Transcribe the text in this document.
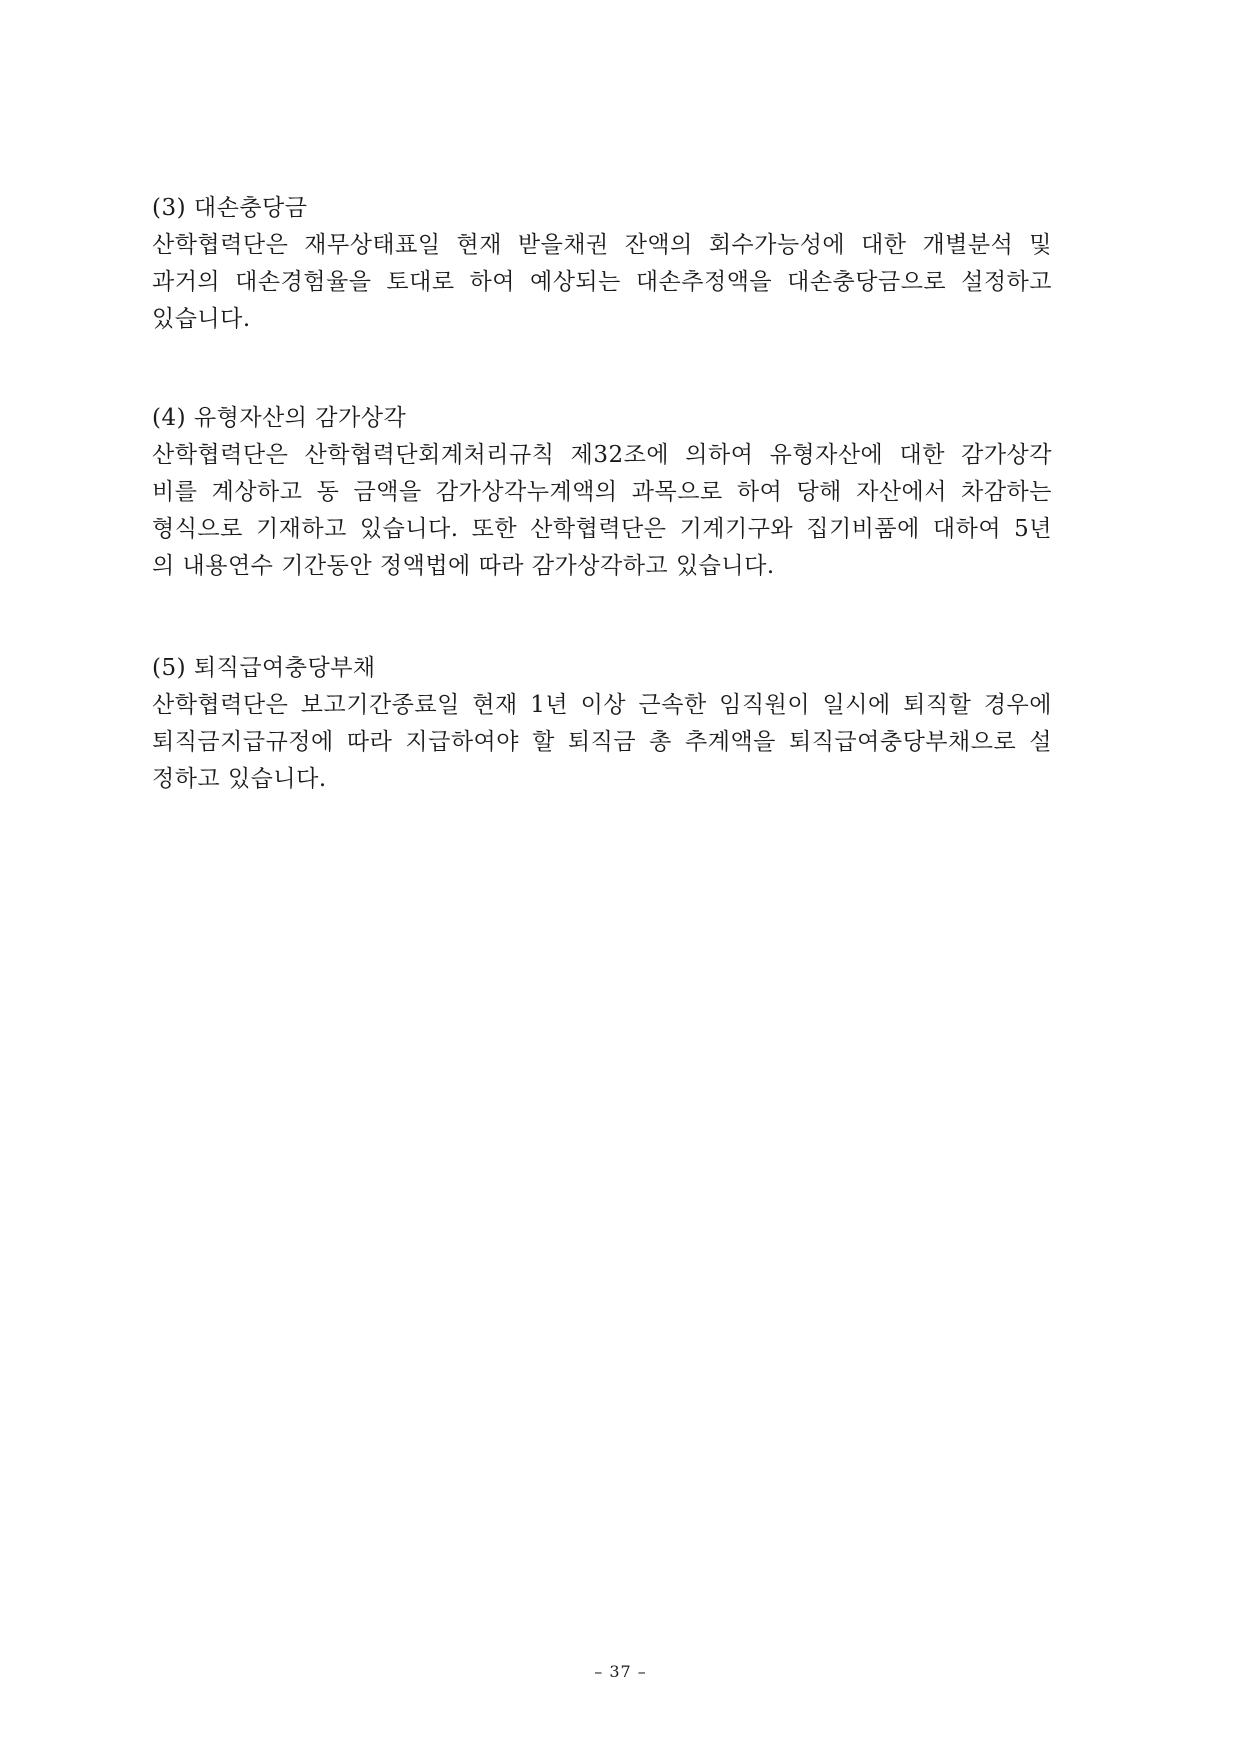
(3) 대손충당금
산학협력단은 재무상태표일 현재 받을채권 잔액의 회수가능성에 대한 개별분석 및
과거의 대손경험율을 토대로 하여 예상되는 대손추정액을 대손충당금으로 설정하고
있습니다.
(4) 유형자산의 감가상각
산학협력단은 산학협력단회계처리규칙 제32조에 의하여 유형자산에 대한 감가상각
비를 계상하고 동 금액을 감가상각누계액의 과목으로 하여 당해 자산에서 차감하는
형식으로 기재하고 있습니다. 또한 산학협력단은 기계기구와 집기비품에 대하여 5년
의 내용연수 기간동안 정액법에 따라 감가상각하고 있습니다.
(5) 퇴직급여충당부채
산학협력단은 보고기간종료일 현재 1년 이상 근속한 임직원이 일시에 퇴직할 경우에
퇴직금지급규정에 따라 지급하여야 할 퇴직금 총 추계액을 퇴직급여충당부채으로 설
정하고 있습니다.
– 37 –
